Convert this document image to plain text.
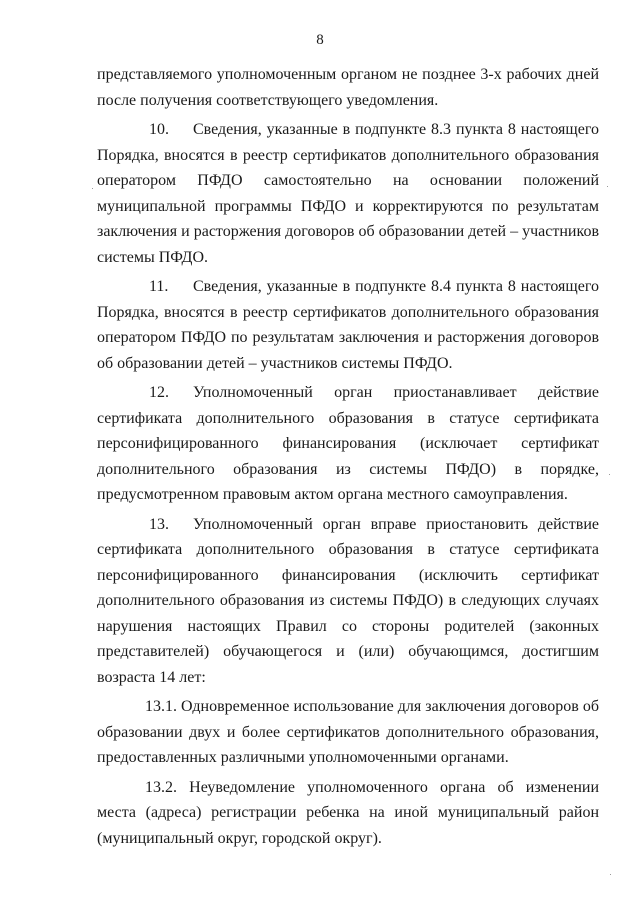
8

представляемого уполномоченным органом не позднее 3-х рабочих дней после получения соответствующего уведомления.

10. Сведения, указанные в подпункте 8.3 пункта 8 настоящего Порядка, вносятся в реестр сертификатов дополнительного образования оператором ПФДО самостоятельно на основании положений муниципальной программы ПФДО и корректируются по результатам заключения и расторжения договоров об образовании детей – участников системы ПФДО.

11. Сведения, указанные в подпункте 8.4 пункта 8 настоящего Порядка, вносятся в реестр сертификатов дополнительного образования оператором ПФДО по результатам заключения и расторжения договоров об образовании детей – участников системы ПФДО.

12. Уполномоченный орган приостанавливает действие сертификата дополнительного образования в статусе сертификата персонифицированного финансирования (исключает сертификат дополнительного образования из системы ПФДО) в порядке, предусмотренном правовым актом органа местного самоуправления.

13. Уполномоченный орган вправе приостановить действие сертификата дополнительного образования в статусе сертификата персонифицированного финансирования (исключить сертификат дополнительного образования из системы ПФДО) в следующих случаях нарушения настоящих Правил со стороны родителей (законных представителей) обучающегося и (или) обучающимся, достигшим возраста 14 лет:

13.1. Одновременное использование для заключения договоров об образовании двух и более сертификатов дополнительного образования, предоставленных различными уполномоченными органами.

13.2. Неуведомление уполномоченного органа об изменении места (адреса) регистрации ребенка на иной муниципальный район (муниципальный округ, городской округ).
